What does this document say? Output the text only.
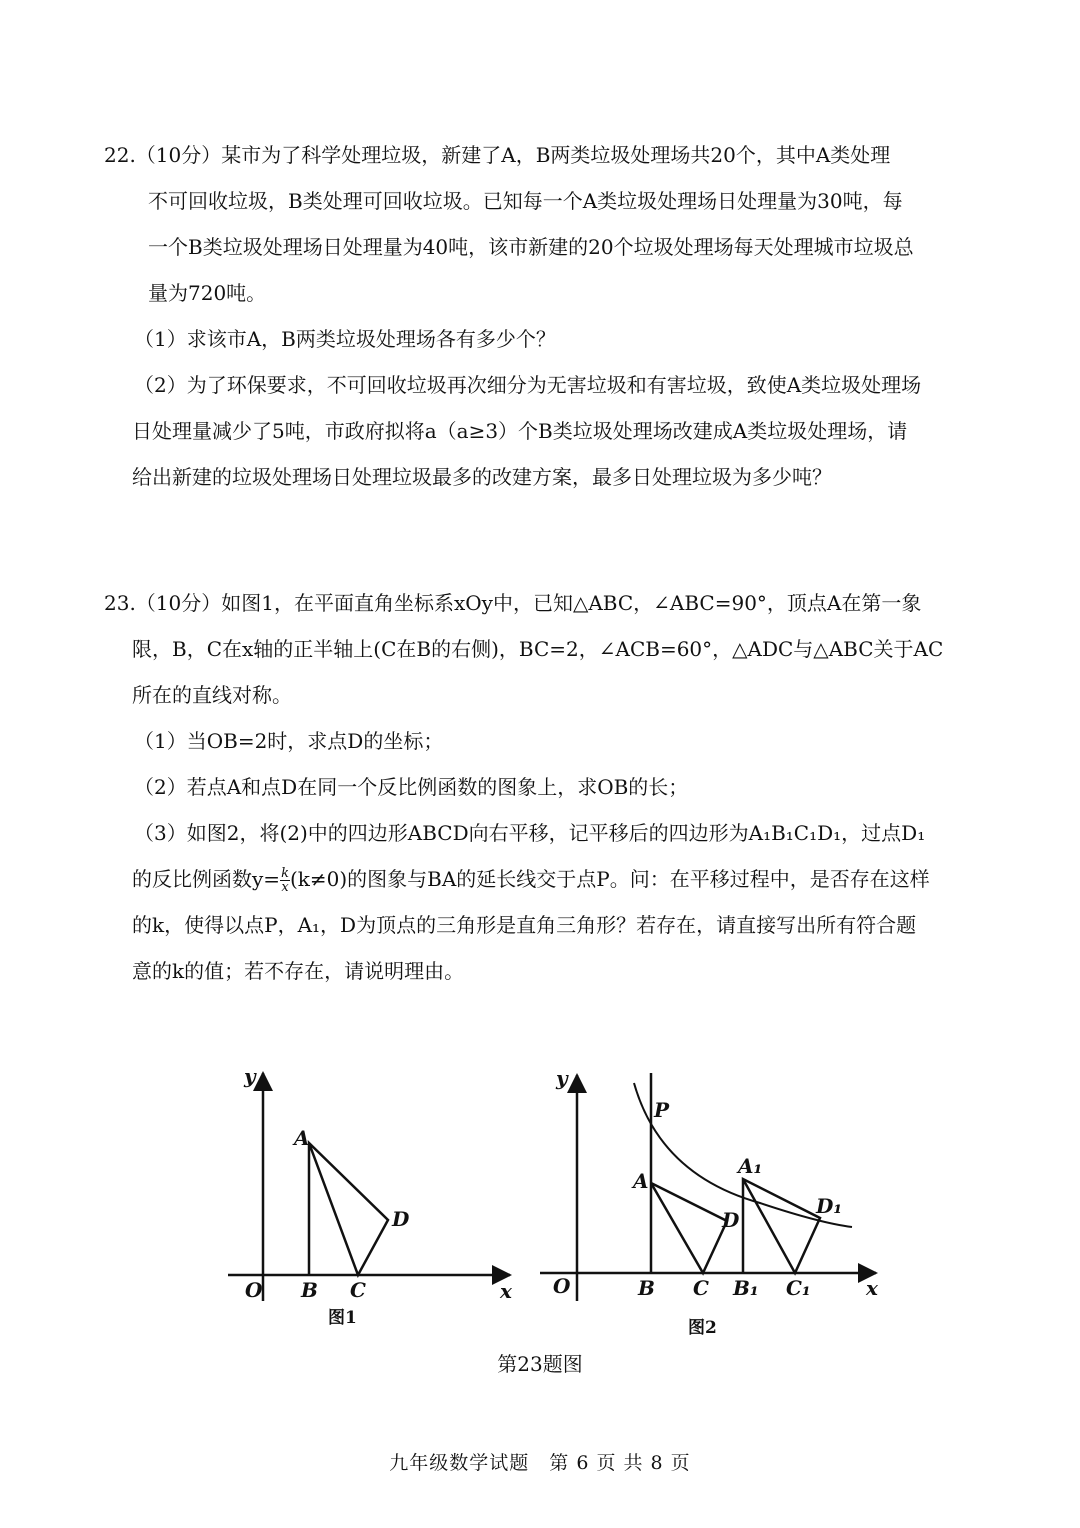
22.（10分）某市为了科学处理垃圾，新建了A，B两类垃圾处理场共20个，其中A类处理
不可回收垃圾，B类处理可回收垃圾。已知每一个A类垃圾处理场日处理量为30吨，每
一个B类垃圾处理场日处理量为40吨，该市新建的20个垃圾处理场每天处理城市垃圾总
量为720吨。
（1）求该市A，B两类垃圾处理场各有多少个？
（2）为了环保要求，不可回收垃圾再次细分为无害垃圾和有害垃圾，致使A类垃圾处理场
日处理量减少了5吨，市政府拟将a（a≥3）个B类垃圾处理场改建成A类垃圾处理场，请
给出新建的垃圾处理场日处理垃圾最多的改建方案，最多日处理垃圾为多少吨？
23.（10分）如图1，在平面直角坐标系xOy中，已知△ABC，∠ABC=90°，顶点A在第一象
限，B，C在x轴的正半轴上(C在B的右侧)，BC=2，∠ACB=60°，△ADC与△ABC关于AC
所在的直线对称。
（1）当OB=2时，求点D的坐标；
（2）若点A和点D在同一个反比例函数的图象上，求OB的长；
（3）如图2，将(2)中的四边形ABCD向右平移，记平移后的四边形为A₁B₁C₁D₁，过点D₁
的反比例函数$y= \frac{k}{x} (k\ne 0)$的图象与BA的延长线交于点P。问：在平移过程中，是否存在这样
的k，使得以点P，A₁，D为顶点的三角形是直角三角形？若存在，请直接写出所有符合题
意的k的值；若不存在，请说明理由。
y
x
O
A
B C
D
图1
y
x
O
P
A
B C
D
A₁
B₁ C₁
D₁
图2
第23题图
九年级数学试题　第 6 页 共 8 页
